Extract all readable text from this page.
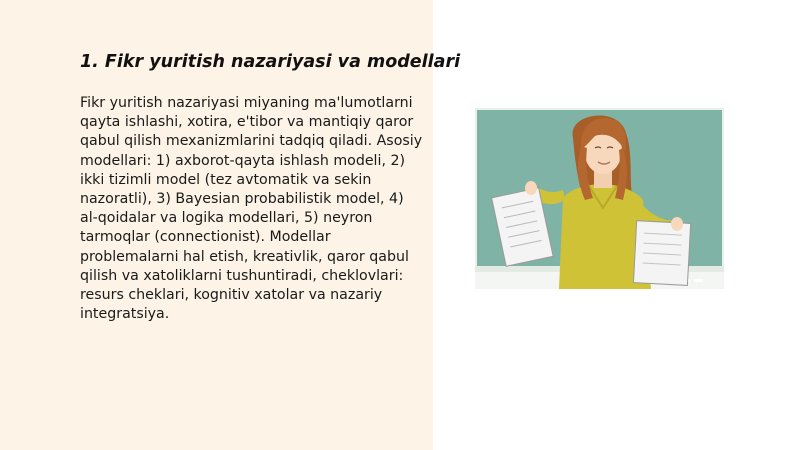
1. Fikr yuritish nazariyasi va modellari

Fikr yuritish nazariyasi miyaning ma'lumotlarni qayta ishlashi, xotira, e'tibor va mantiqiy qaror qabul qilish mexanizmlarini tadqiq qiladi. Asosiy modellari: 1) axborot-qayta ishlash modeli, 2) ikki tizimli model (tez avtomatik va sekin nazoratli), 3) Bayesian probabilistik model, 4) al-qoidalar va logika modellari, 5) neyron tarmoqlar (connectionist). Modellar problemalarni hal etish, kreativlik, qaror qabul qilish va xatoliklarni tushuntiradi, cheklovlari: resurs cheklari, kognitiv xatolar va nazariy integratsiya.
